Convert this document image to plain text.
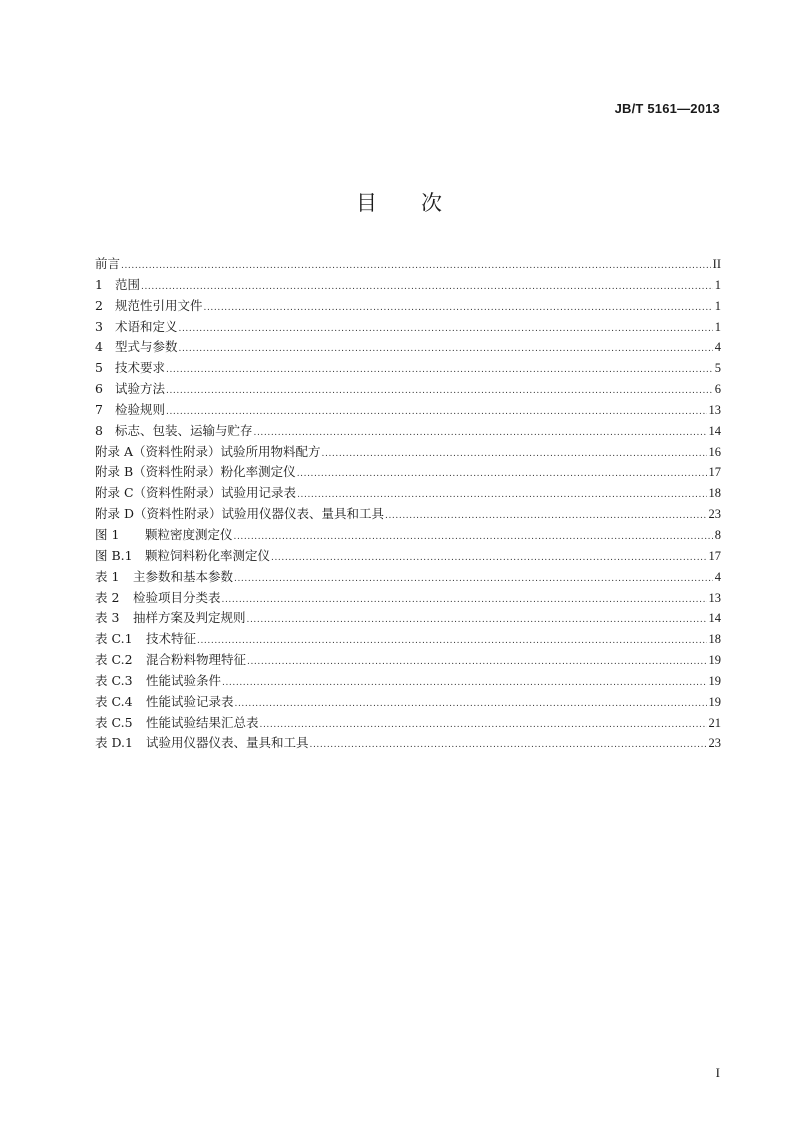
JB/T 5161—2013
目次
前言 .....	II
1 范围 .....	1
2 规范性引用文件 .....	1
3 术语和定义 .....	1
4 型式与参数 .....	4
5 技术要求 .....	5
6 试验方法 .....	6
7 检验规则 .....	13
8 标志、包装、运输与贮存 .....	14
附录 A （资料性附录）试验所用物料配方 .....	16
附录 B （资料性附录）粉化率测定仪 .....	17
附录 C （资料性附录）试验用记录表 .....	18
附录 D （资料性附录）试验用仪器仪表、量具和工具 .....	23
图 1	颗粒密度测定仪 .....	8
图 B.1 颗粒饲料粉化率测定仪 .....	17
表 1	主参数和基本参数 .....	4
表 2	检验项目分类表 .....	13
表 3	抽样方案及判定规则 .....	14
表 C.1	技术特征 .....	18
表 C.2	混合粉料物理特征 .....	19
表 C.3	性能试验条件 .....	19
表 C.4	性能试验记录表 .....	19
表 C.5	性能试验结果汇总表 .....	21
表 D.1	试验用仪器仪表、量具和工具 .....	23
I
